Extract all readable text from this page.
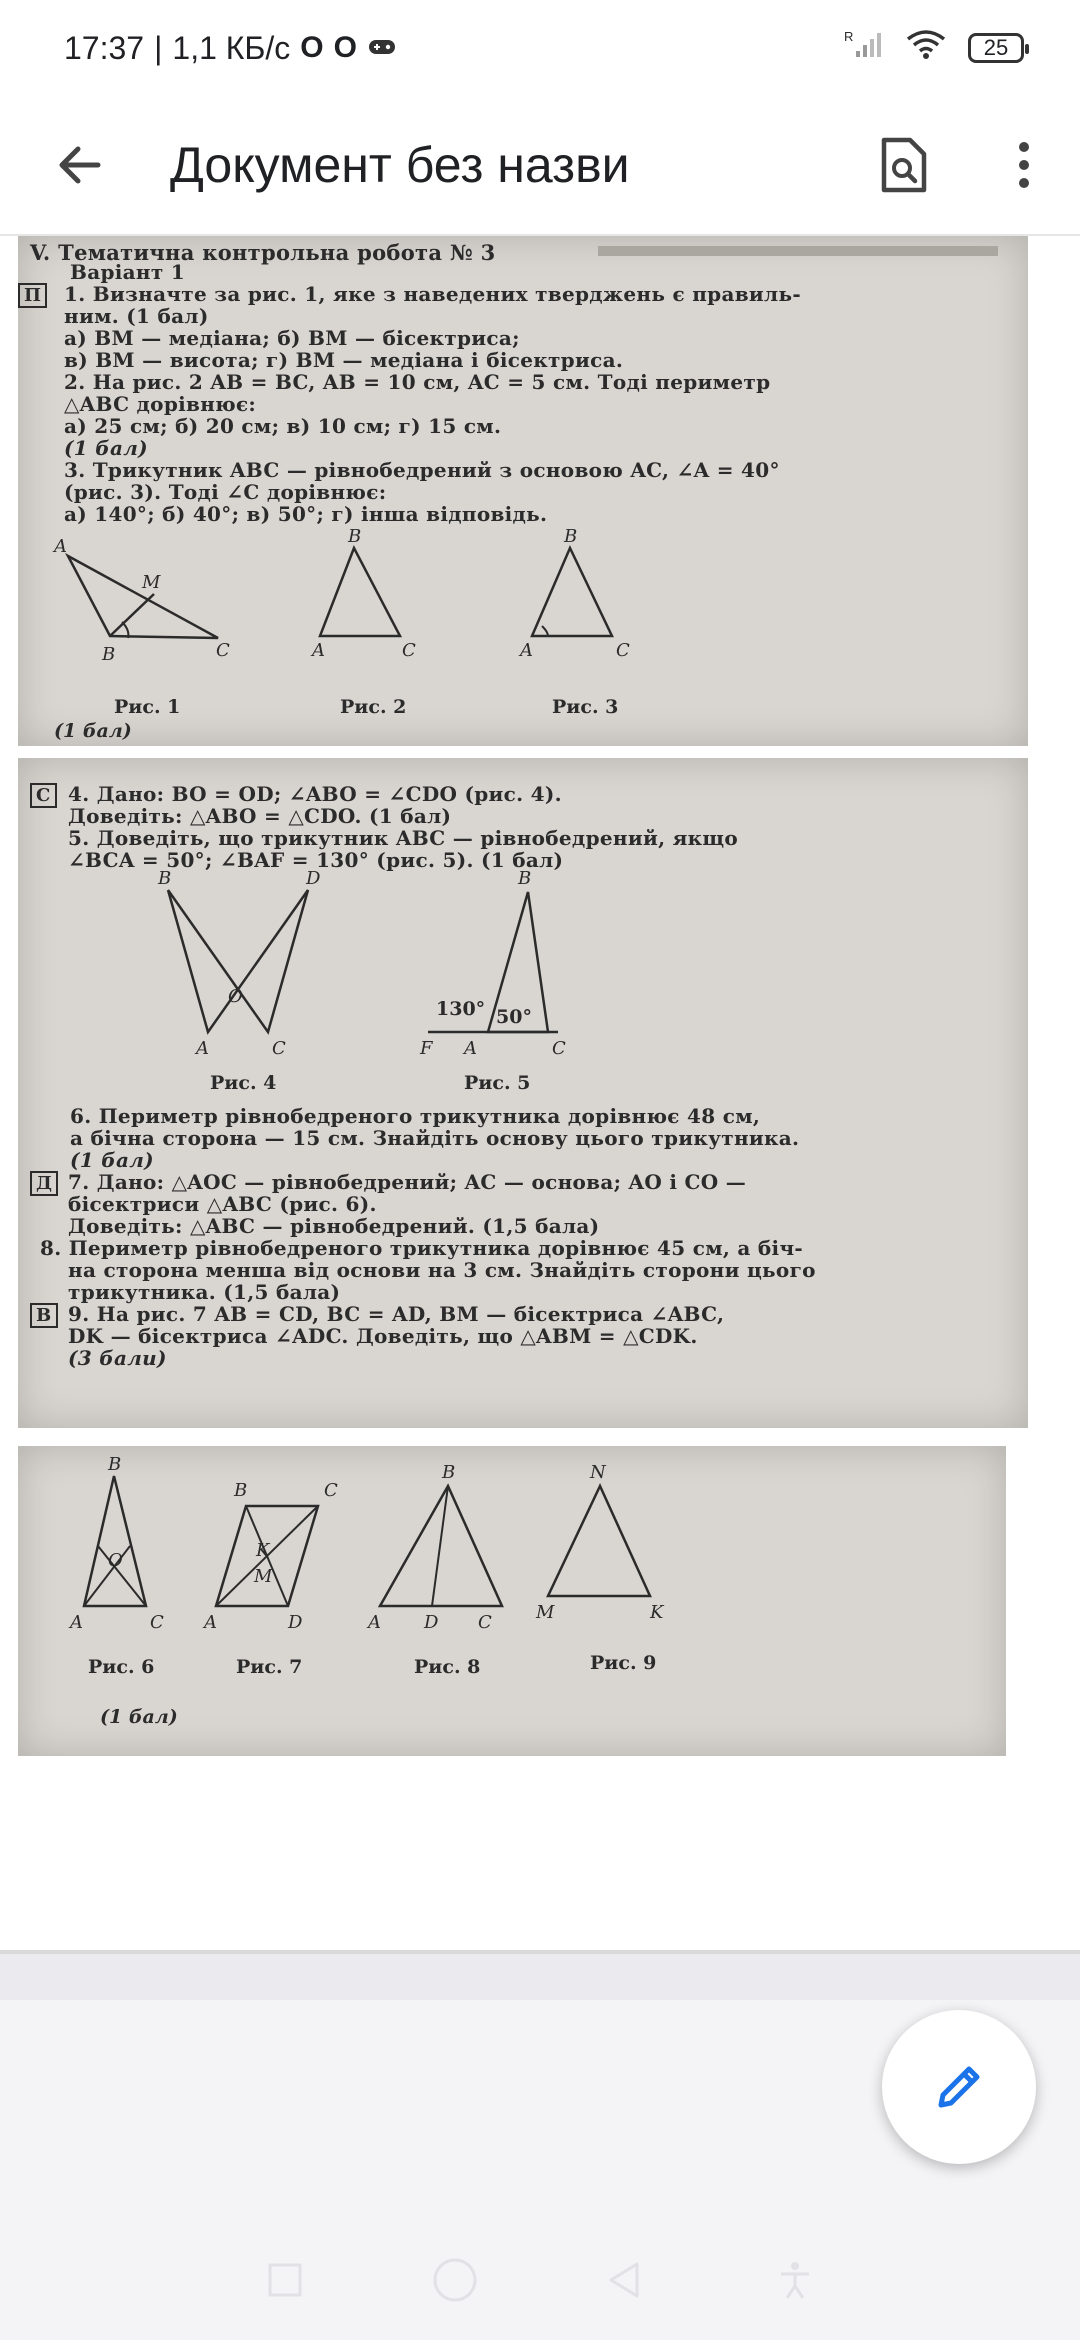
17:37 | 1,1 КБ/с O O	R	25
Документ без назви
V. Тематична контрольна робота № 3
Варіант 1
П	1. Визначте за рис. 1, яке з наведених тверджень є правиль-
ним. (1 бал)
а) BM — медіана; б) BM — бісектриса;
в) BM — висота; г) BM — медіана і бісектриса.
2. На рис. 2 AB = BC, AB = 10 см, AC = 5 см. Тоді периметр
△ABC дорівнює:
а) 25 см; б) 20 см; в) 10 см; г) 15 см.
(1 бал)
3. Трикутник ABC — рівнобедрений з основою AC, ∠A = 40°
(рис. 3). Тоді ∠C дорівнює:
а) 140°; б) 40°; в) 50°; г) інша відповідь.
A
M
B	C
B
A	C
B
A	C
Рис. 1	Рис. 2	Рис. 3
(1 бал)
С 4. Дано: BO = OD; ∠ABO = ∠CDO (рис. 4).
Доведіть: △ABO = △CDO. (1 бал)
5. Доведіть, що трикутник ABC — рівнобедрений, якщо
∠BCA = 50°; ∠BAF = 130° (рис. 5). (1 бал)
B	D
O
A	C
B
F A	C
130° 50°
Рис. 4	Рис. 5
6. Периметр рівнобедреного трикутника дорівнює 48 см,
а бічна сторона — 15 см. Знайдіть основу цього трикутника.
(1 бал)
Д 7. Дано: △AOC — рівнобедрений; AC — основа; AO і CO —
бісектриси △ABC (рис. 6).
Доведіть: △ABC — рівнобедрений. (1,5 бала)
8. Периметр рівнобедреного трикутника дорівнює 45 см, а біч-
на сторона менша від основи на 3 см. Знайдіть сторони цього
трикутника. (1,5 бала)
В 9. На рис. 7 AB = CD, BC = AD, BM — бісектриса ∠ABC,
DK — бісектриса ∠ADC. Доведіть, що △ABM = △CDK.
(3 бали)
B
O
A	C
B	C
K
M
A	D
B
A D C
N
M	K
Рис. 6	Рис. 7	Рис. 8	Рис. 9
(1 бал)
